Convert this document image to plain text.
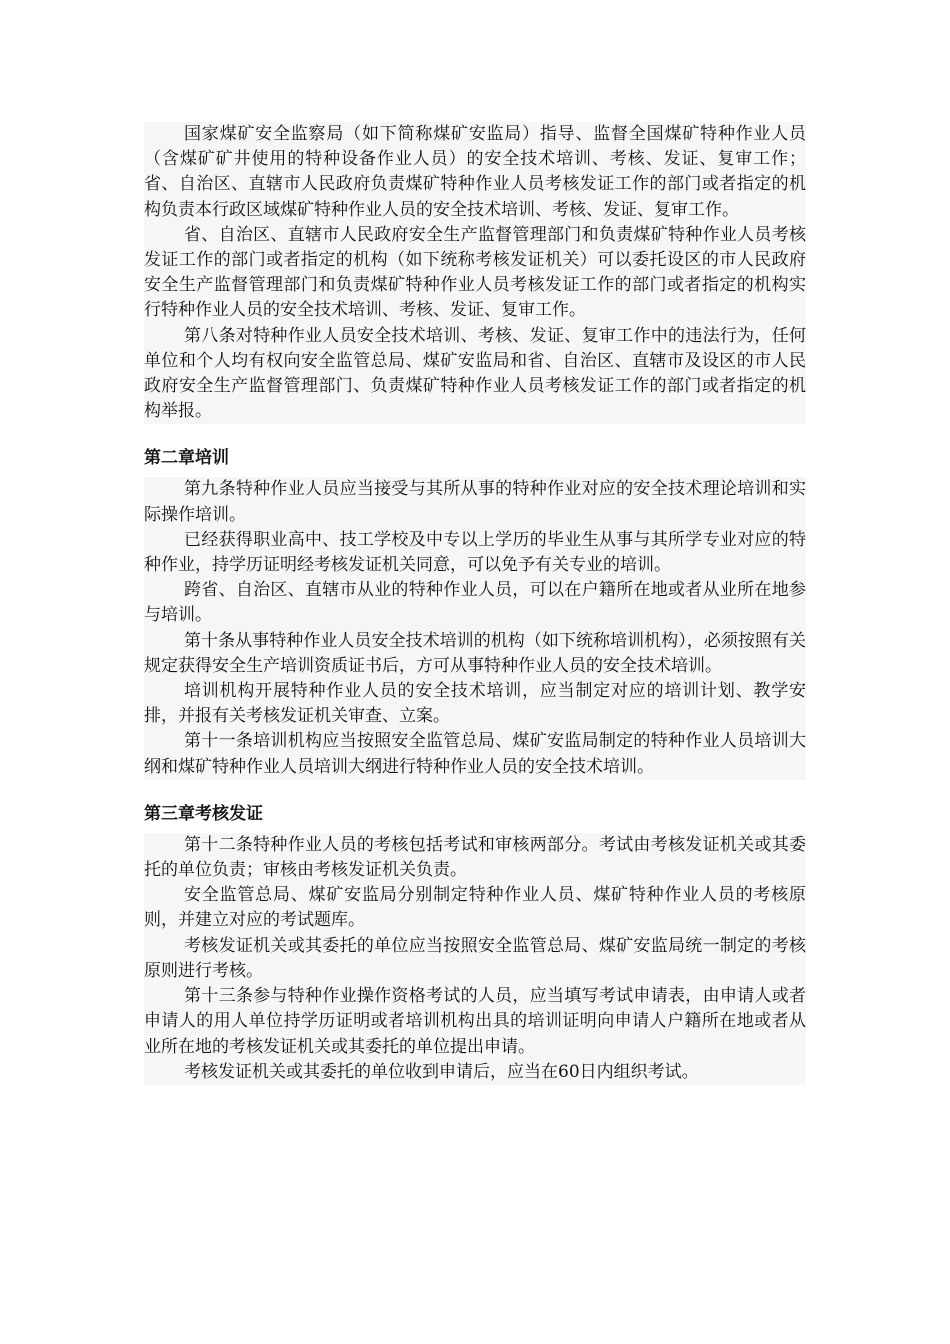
国家煤矿安全监察局（如下简称煤矿安监局）指导、监督全国煤矿特种作业人员（含煤矿矿井使用的特种设备作业人员）的安全技术培训、考核、发证、复审工作；省、自治区、直辖市人民政府负责煤矿特种作业人员考核发证工作的部门或者指定的机构负责本行政区域煤矿特种作业人员的安全技术培训、考核、发证、复审工作。

省、自治区、直辖市人民政府安全生产监督管理部门和负责煤矿特种作业人员考核发证工作的部门或者指定的机构（如下统称考核发证机关）可以委托设区的市人民政府安全生产监督管理部门和负责煤矿特种作业人员考核发证工作的部门或者指定的机构实行特种作业人员的安全技术培训、考核、发证、复审工作。

第八条对特种作业人员安全技术培训、考核、发证、复审工作中的违法行为，任何单位和个人均有权向安全监管总局、煤矿安监局和省、自治区、直辖市及设区的市人民政府安全生产监督管理部门、负责煤矿特种作业人员考核发证工作的部门或者指定的机构举报。

第二章培训

第九条特种作业人员应当接受与其所从事的特种作业对应的安全技术理论培训和实际操作培训。

已经获得职业高中、技工学校及中专以上学历的毕业生从事与其所学专业对应的特种作业，持学历证明经考核发证机关同意，可以免予有关专业的培训。

跨省、自治区、直辖市从业的特种作业人员，可以在户籍所在地或者从业所在地参与培训。

第十条从事特种作业人员安全技术培训的机构（如下统称培训机构），必须按照有关规定获得安全生产培训资质证书后，方可从事特种作业人员的安全技术培训。

培训机构开展特种作业人员的安全技术培训，应当制定对应的培训计划、教学安排，并报有关考核发证机关审查、立案。

第十一条培训机构应当按照安全监管总局、煤矿安监局制定的特种作业人员培训大纲和煤矿特种作业人员培训大纲进行特种作业人员的安全技术培训。

第三章考核发证

第十二条特种作业人员的考核包括考试和审核两部分。考试由考核发证机关或其委托的单位负责；审核由考核发证机关负责。

安全监管总局、煤矿安监局分别制定特种作业人员、煤矿特种作业人员的考核原则，并建立对应的考试题库。

考核发证机关或其委托的单位应当按照安全监管总局、煤矿安监局统一制定的考核原则进行考核。

第十三条参与特种作业操作资格考试的人员，应当填写考试申请表，由申请人或者申请人的用人单位持学历证明或者培训机构出具的培训证明向申请人户籍所在地或者从业所在地的考核发证机关或其委托的单位提出申请。

考核发证机关或其委托的单位收到申请后，应当在60日内组织考试。
